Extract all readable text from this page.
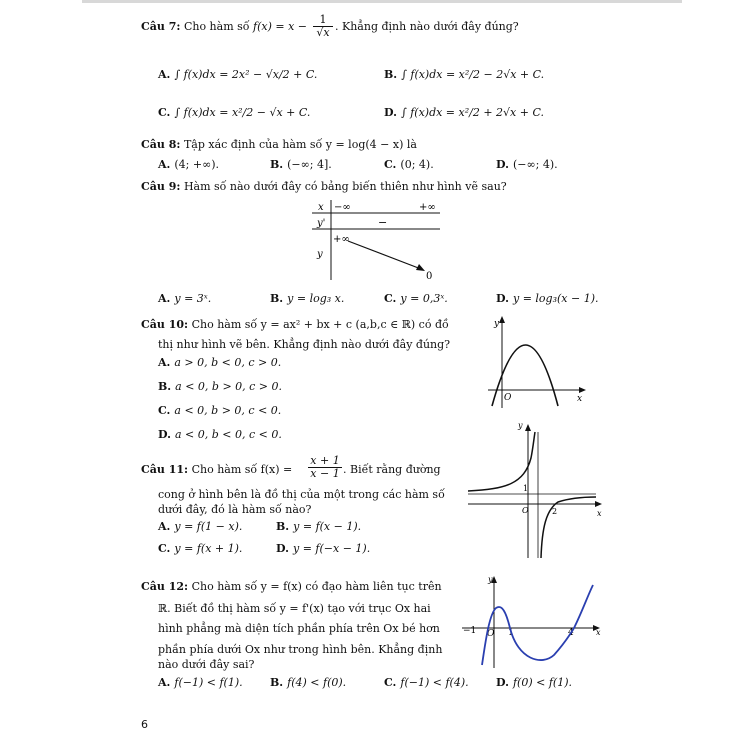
Câu 7: Cho hàm số $f(x) = x - \frac{1}{√x}$ . Khẳng định nào dưới đây đúng?
A. ∫ f(x)dx = 2x² − √x/2 + C.	B. ∫ f(x)dx = x²/2 − 2√x + C.
C. ∫ f(x)dx = x²/2 − √x + C.	D. ∫ f(x)dx = x²/2 + 2√x + C.
Câu 8: Tập xác định của hàm số y = log(4 − x) là
A. (4; +∞).	B. (−∞; 4].	C. (0; 4).	D. (−∞; 4).
Câu 9: Hàm số nào dưới đây có bảng biến thiên như hình vẽ sau?
x −∞	+∞
y'	−
y
+∞
0
A. y = 3ˣ.	B. y = log₃ x.	C. y = 0,3ˣ.	D. y = log₃(x − 1).
Câu 10: Cho hàm số y = ax² + bx + c (a,b,c ∈ ℝ) có đồ
thị như hình vẽ bên. Khẳng định nào dưới đây đúng?
A. a > 0, b < 0, c > 0.
B. a < 0, b > 0, c > 0.
C. a < 0, b > 0, c < 0.
D. a < 0, b < 0, c < 0.
y
x
O
Câu 11: Cho hàm số $f(x) = \frac{x + 1}{x - 1}$ . Biết rằng đường
cong ở hình bên là đồ thị của một trong các hàm số
dưới đây, đó là hàm số nào?
A. y = f(1 − x).	B. y = f(x − 1).
C. y = f(x + 1).	D. y = f(−x − 1).
y
x
O
1
2
Câu 12: Cho hàm số y = f(x) có đạo hàm liên tục trên
ℝ. Biết đồ thị hàm số y = f'(x) tạo với trục Ox hai
hình phẳng mà diện tích phần phía trên Ox bé hơn
phần phía dưới Ox như trong hình bên. Khẳng định
nào dưới đây sai?
A. f(−1) < f(1). B. f(4) < f(0).	C. f(−1) < f(4). D. f(0) < f(1).
y
x
O
−1	1	4
6
